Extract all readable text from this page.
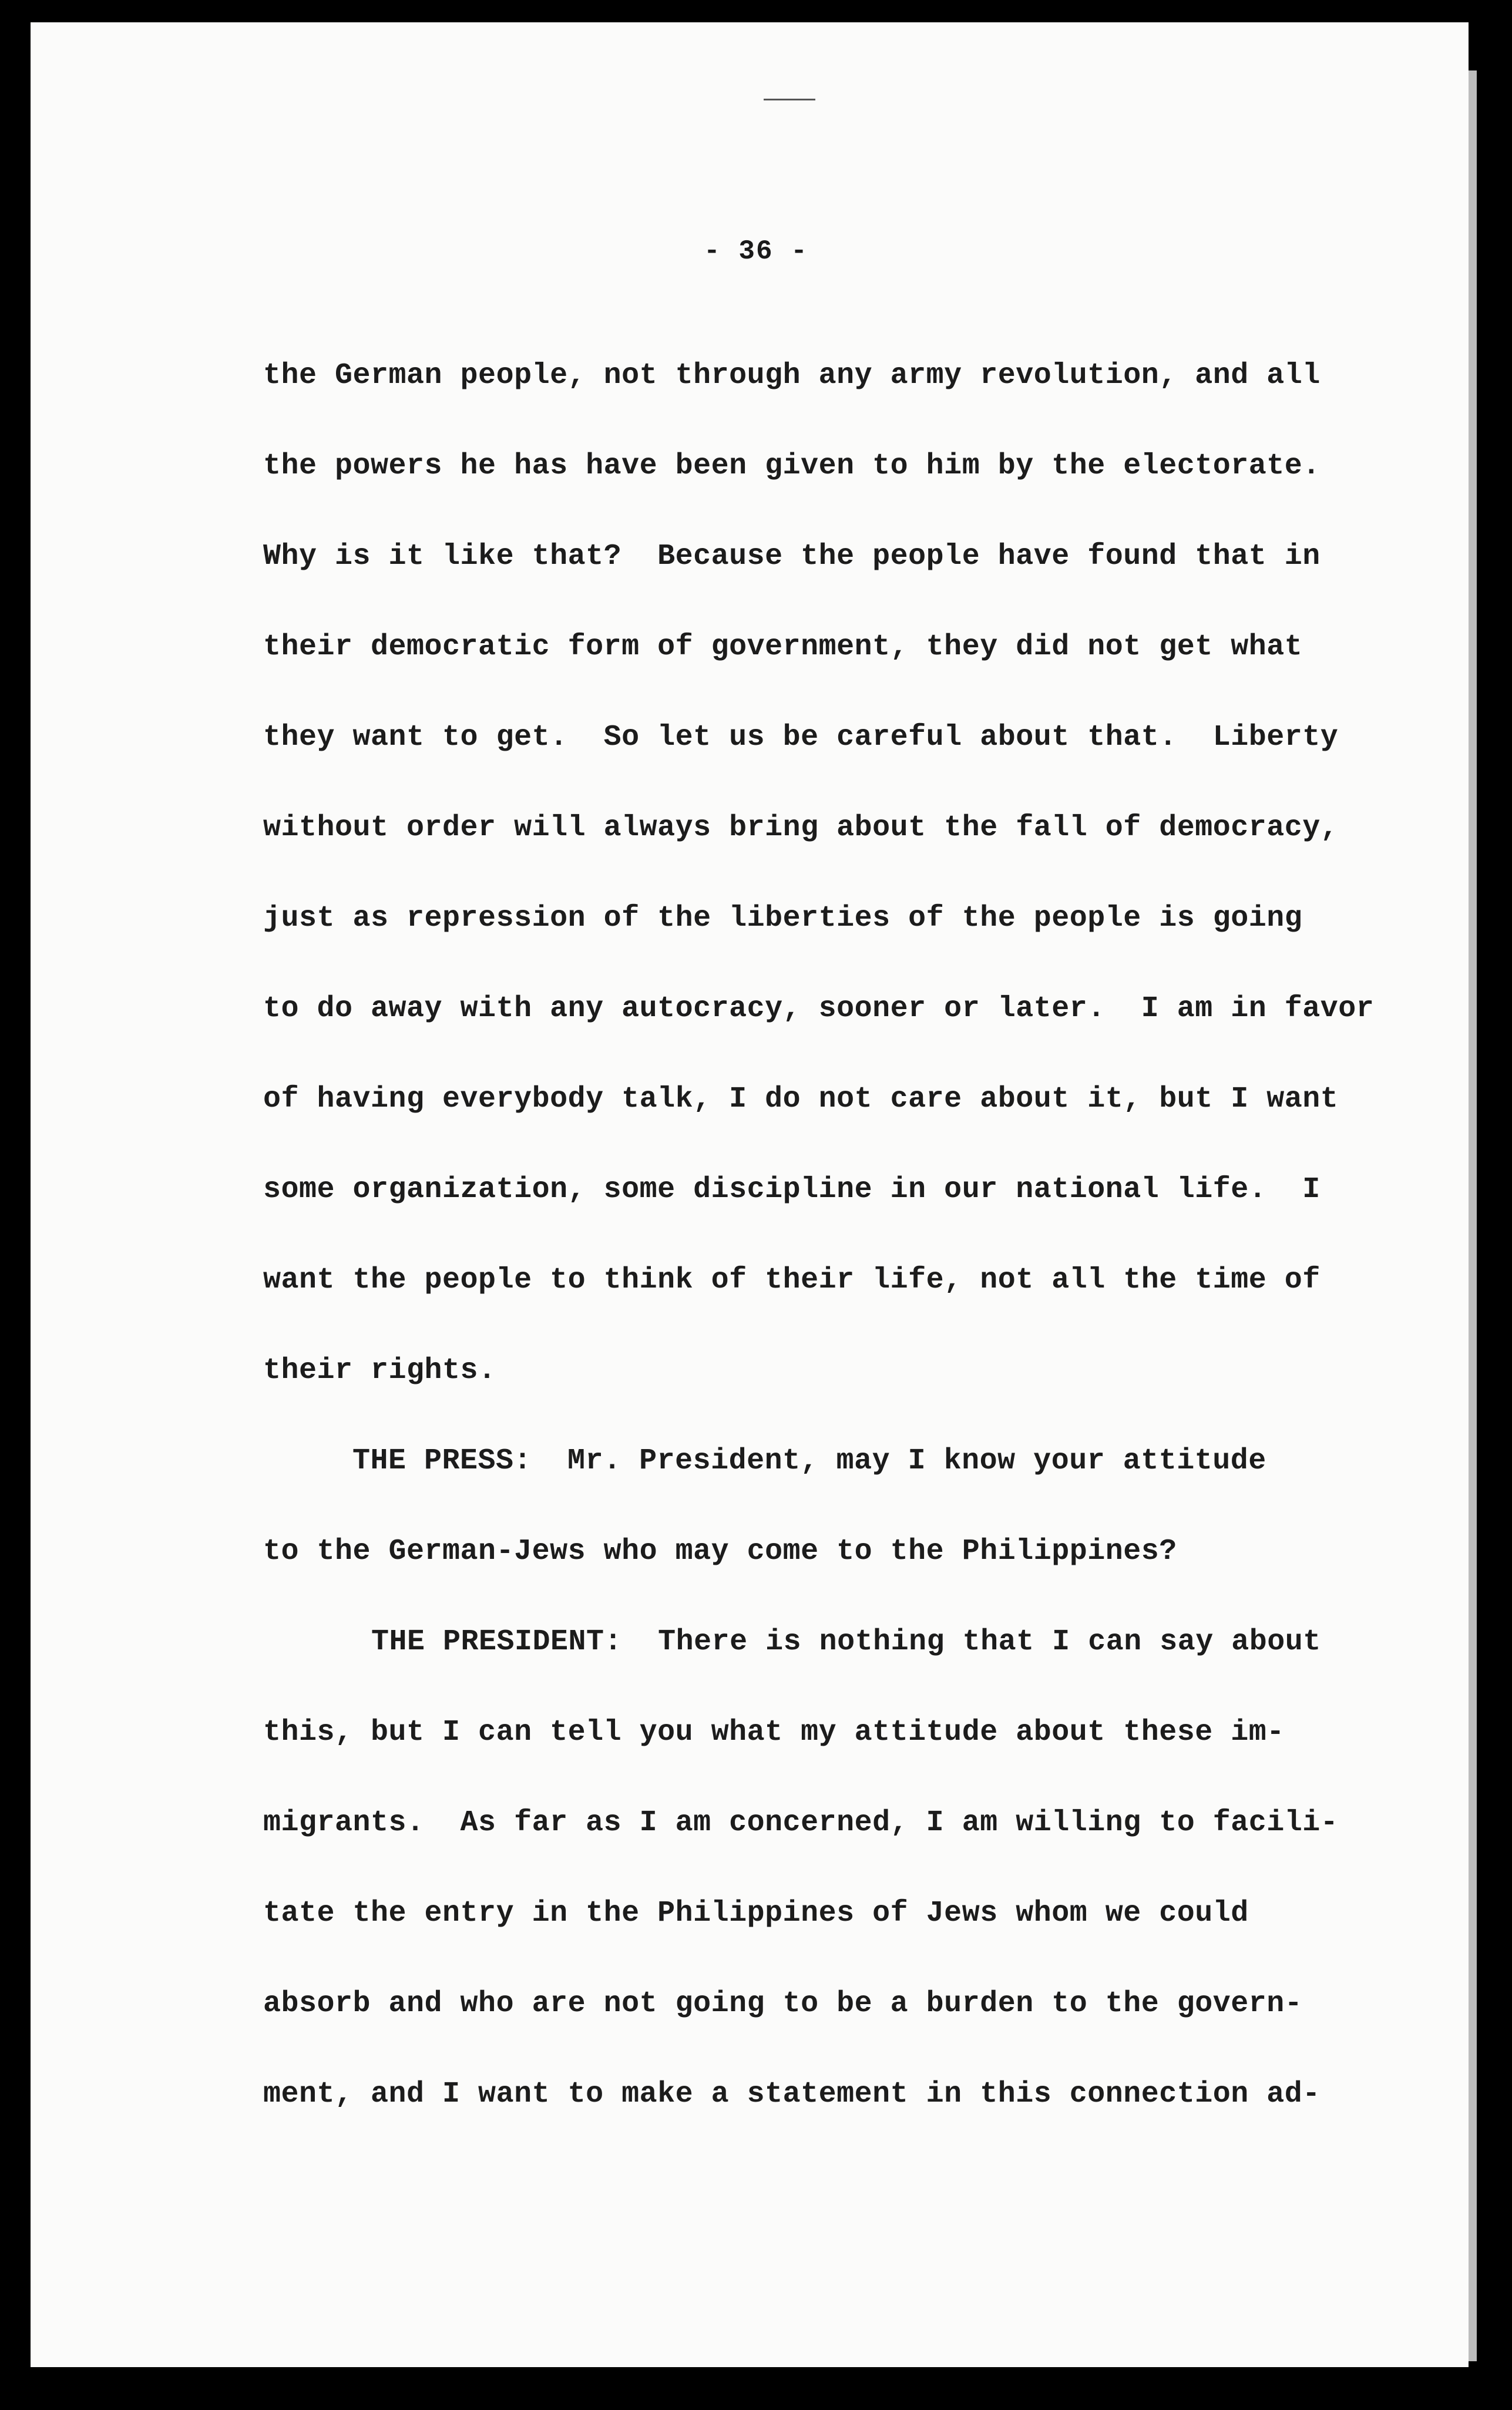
- 36 -
the German people, not through any army revolution, and all
the powers he has have been given to him by the electorate.
Why is it like that?  Because the people have found that in
their democratic form of government, they did not get what
they want to get.  So let us be careful about that.  Liberty
without order will always bring about the fall of democracy,
just as repression of the liberties of the people is going
to do away with any autocracy, sooner or later.  I am in favor
of having everybody talk, I do not care about it, but I want
some organization, some discipline in our national life.  I
want the people to think of their life, not all the time of
their rights.
THE PRESS:  Mr. President, may I know your attitude
to the German-Jews who may come to the Philippines?
THE PRESIDENT:  There is nothing that I can say about
this, but I can tell you what my attitude about these im-
migrants.  As far as I am concerned, I am willing to facili-
tate the entry in the Philippines of Jews whom we could
absorb and who are not going to be a burden to the govern-
ment, and I want to make a statement in this connection ad-
